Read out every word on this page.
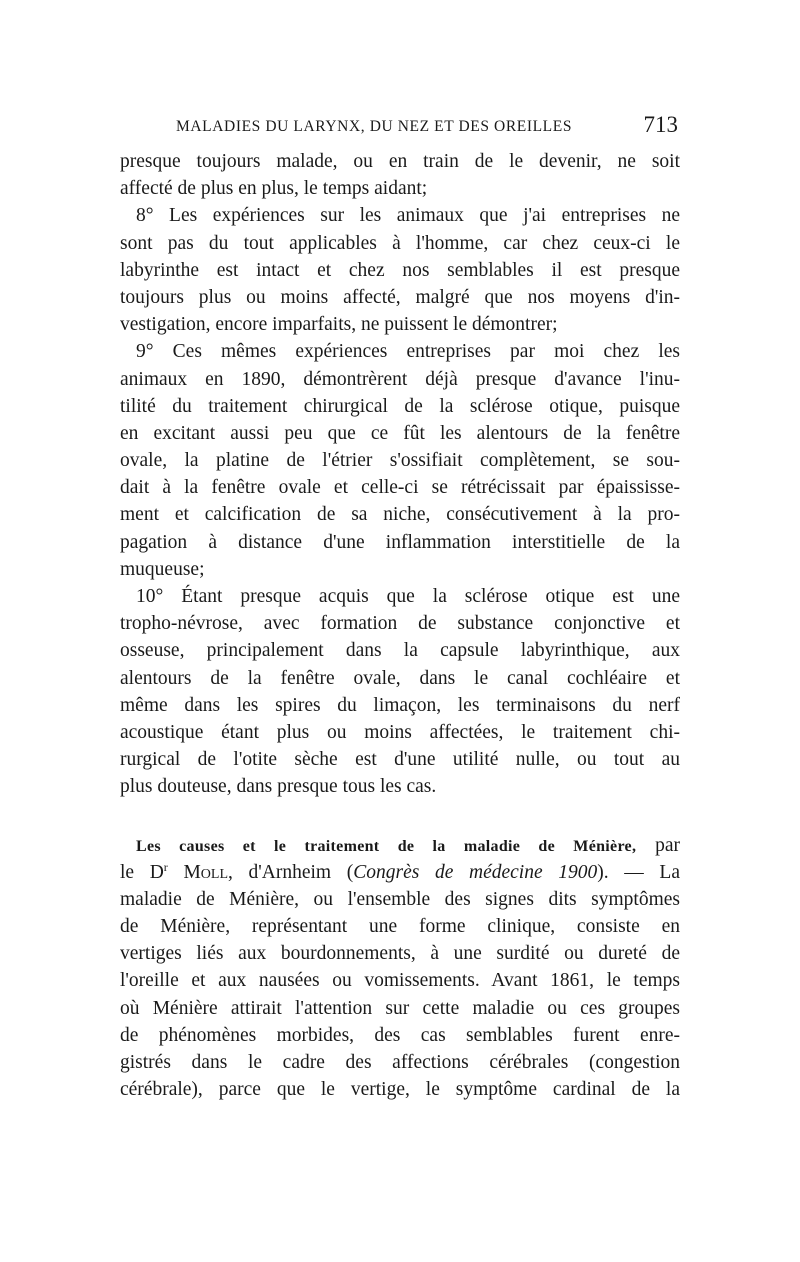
MALADIES DU LARYNX, DU NEZ ET DES OREILLES	713
presque toujours malade, ou en train de le devenir, ne soit
affecté de plus en plus, le temps aidant;
8° Les expériences sur les animaux que j'ai entreprises ne
sont pas du tout applicables à l'homme, car chez ceux-ci le
labyrinthe est intact et chez nos semblables il est presque
toujours plus ou moins affecté, malgré que nos moyens d'in-
vestigation, encore imparfaits, ne puissent le démontrer;
9° Ces mêmes expériences entreprises par moi chez les
animaux en 1890, démontrèrent déjà presque d'avance l'inu-
tilité du traitement chirurgical de la sclérose otique, puisque
en excitant aussi peu que ce fût les alentours de la fenêtre
ovale, la platine de l'étrier s'ossifiait complètement, se sou-
dait à la fenêtre ovale et celle-ci se rétrécissait par épaississe-
ment et calcification de sa niche, consécutivement à la pro-
pagation à distance d'une inflammation interstitielle de la
muqueuse;
10° Étant presque acquis que la sclérose otique est une
tropho-névrose, avec formation de substance conjonctive et
osseuse, principalement dans la capsule labyrinthique, aux
alentours de la fenêtre ovale, dans le canal cochléaire et
même dans les spires du limaçon, les terminaisons du nerf
acoustique étant plus ou moins affectées, le traitement chi-
rurgical de l'otite sèche est d'une utilité nulle, ou tout au
plus douteuse, dans presque tous les cas.
Les causes et le traitement de la maladie de Ménière, par
le $D^r$ Moll, d'Arnheim (Congrès de médecine 1900). — La
maladie de Ménière, ou l'ensemble des signes dits symptômes
de Ménière, représentant une forme clinique, consiste en
vertiges liés aux bourdonnements, à une surdité ou dureté de
l'oreille et aux nausées ou vomissements. Avant 1861, le temps
où Ménière attirait l'attention sur cette maladie ou ces groupes
de phénomènes morbides, des cas semblables furent enre-
gistrés dans le cadre des affections cérébrales (congestion
cérébrale), parce que le vertige, le symptôme cardinal de la
